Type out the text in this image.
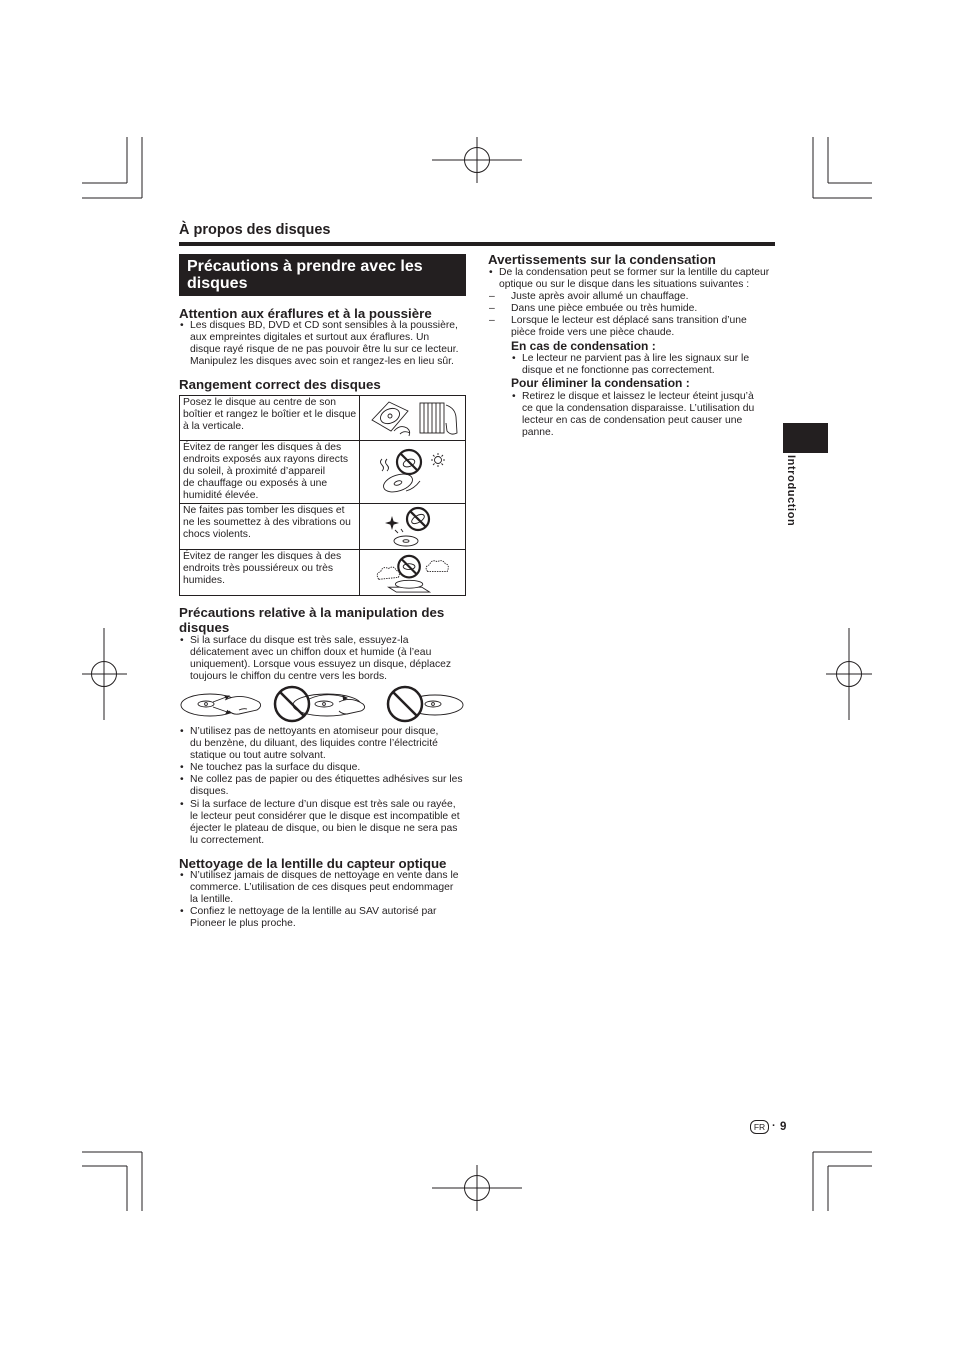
À propos des disques
Précautions à prendre avec les
disques
Attention aux éraflures et à la poussière
• Les disques BD, DVD et CD sont sensibles à la poussière,
aux empreintes digitales et surtout aux éraflures. Un
disque rayé risque de ne pas pouvoir être lu sur ce lecteur.
Manipulez les disques avec soin et rangez-les en lieu sûr.
Rangement correct des disques
Posez le disque au centre de son
boîtier et rangez le boîtier et le disque
à la verticale.
Évitez de ranger les disques à des
endroits exposés aux rayons directs
du soleil, à proximité d’appareil
de chauffage ou exposés à une
humidité élevée.
Ne faites pas tomber les disques et
ne les soumettez à des vibrations ou
chocs violents.
Évitez de ranger les disques à des
endroits très poussiéreux ou très
humides.
Précautions relative à la manipulation des
disques
• Si la surface du disque est très sale, essuyez-la
délicatement avec un chiffon doux et humide (à l’eau
uniquement). Lorsque vous essuyez un disque, déplacez
toujours le chiffon du centre vers les bords.
• N’utilisez pas de nettoyants en atomiseur pour disque,
du benzène, du diluant, des liquides contre l’électricité
statique ou tout autre solvant.
• Ne touchez pas la surface du disque.
• Ne collez pas de papier ou des étiquettes adhésives sur les
disques.
• Si la surface de lecture d’un disque est très sale ou rayée,
le lecteur peut considérer que le disque est incompatible et
éjecter le plateau de disque, ou bien le disque ne sera pas
lu correctement.
Nettoyage de la lentille du capteur optique
• N’utilisez jamais de disques de nettoyage en vente dans le
commerce. L’utilisation de ces disques peut endommager
la lentille.
• Confiez le nettoyage de la lentille au SAV autorisé par
Pioneer le plus proche.
Avertissements sur la condensation
• De la condensation peut se former sur la lentille du capteur
optique ou sur le disque dans les situations suivantes :
– Juste après avoir allumé un chauffage.
– Dans une pièce embuée ou très humide.
– Lorsque le lecteur est déplacé sans transition d’une
pièce froide vers une pièce chaude.
En cas de condensation :
• Le lecteur ne parvient pas à lire les signaux sur le
disque et ne fonctionne pas correctement.
Pour éliminer la condensation :
• Retirez le disque et laissez le lecteur éteint jusqu’à
ce que la condensation disparaisse. L’utilisation du
lecteur en cas de condensation peut causer une
panne.
Introduction
FR · 9
